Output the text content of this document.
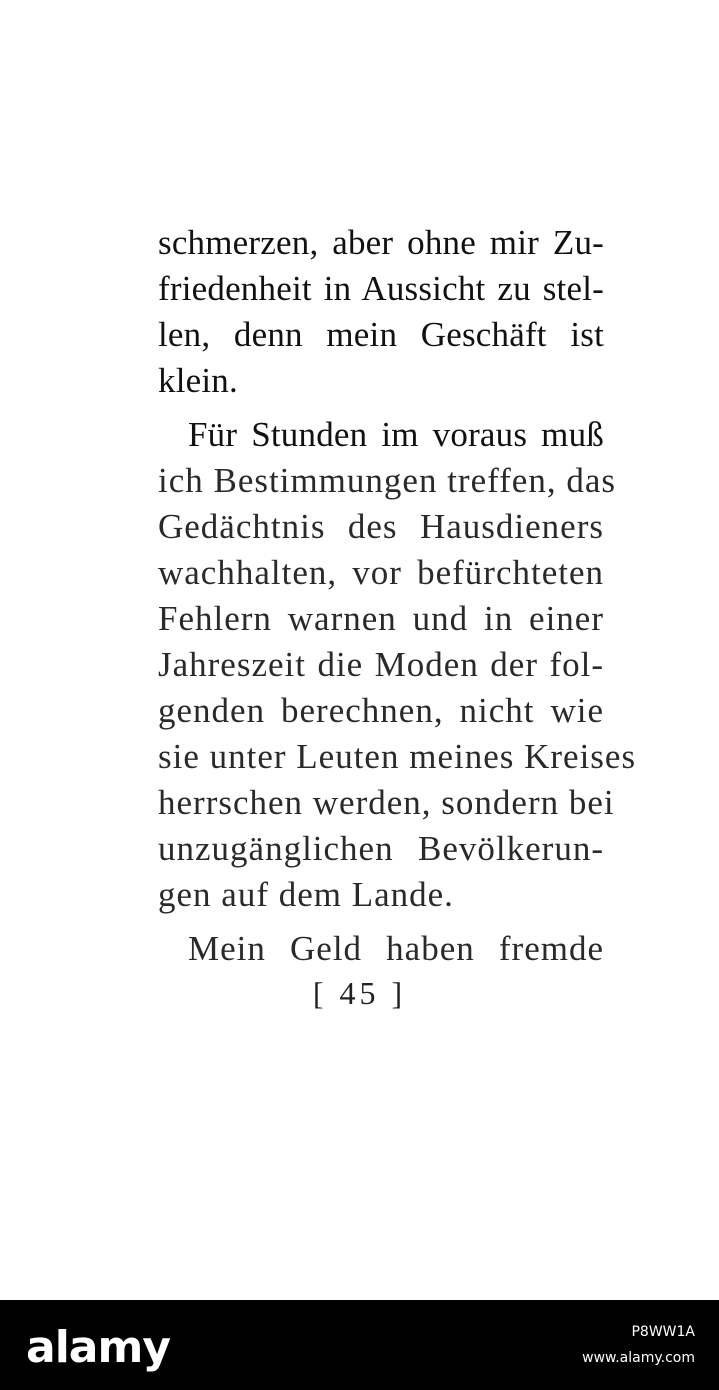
schmerzen, aber ohne mir Zu-
friedenheit in Aussicht zu stel-
len, denn mein Geschäft ist
klein.
Für Stunden im voraus muß
ich Bestimmungen treffen, das
Gedächtnis des Hausdieners
wachhalten, vor befürchteten
Fehlern warnen und in einer
Jahreszeit die Moden der fol-
genden berechnen, nicht wie
sie unter Leuten meines Kreises
herrschen werden, sondern bei
unzugänglichen Bevölkerun-
gen auf dem Lande.
Mein Geld haben fremde
[ 45 ]
alamy	P8WW1A
www.alamy.com
